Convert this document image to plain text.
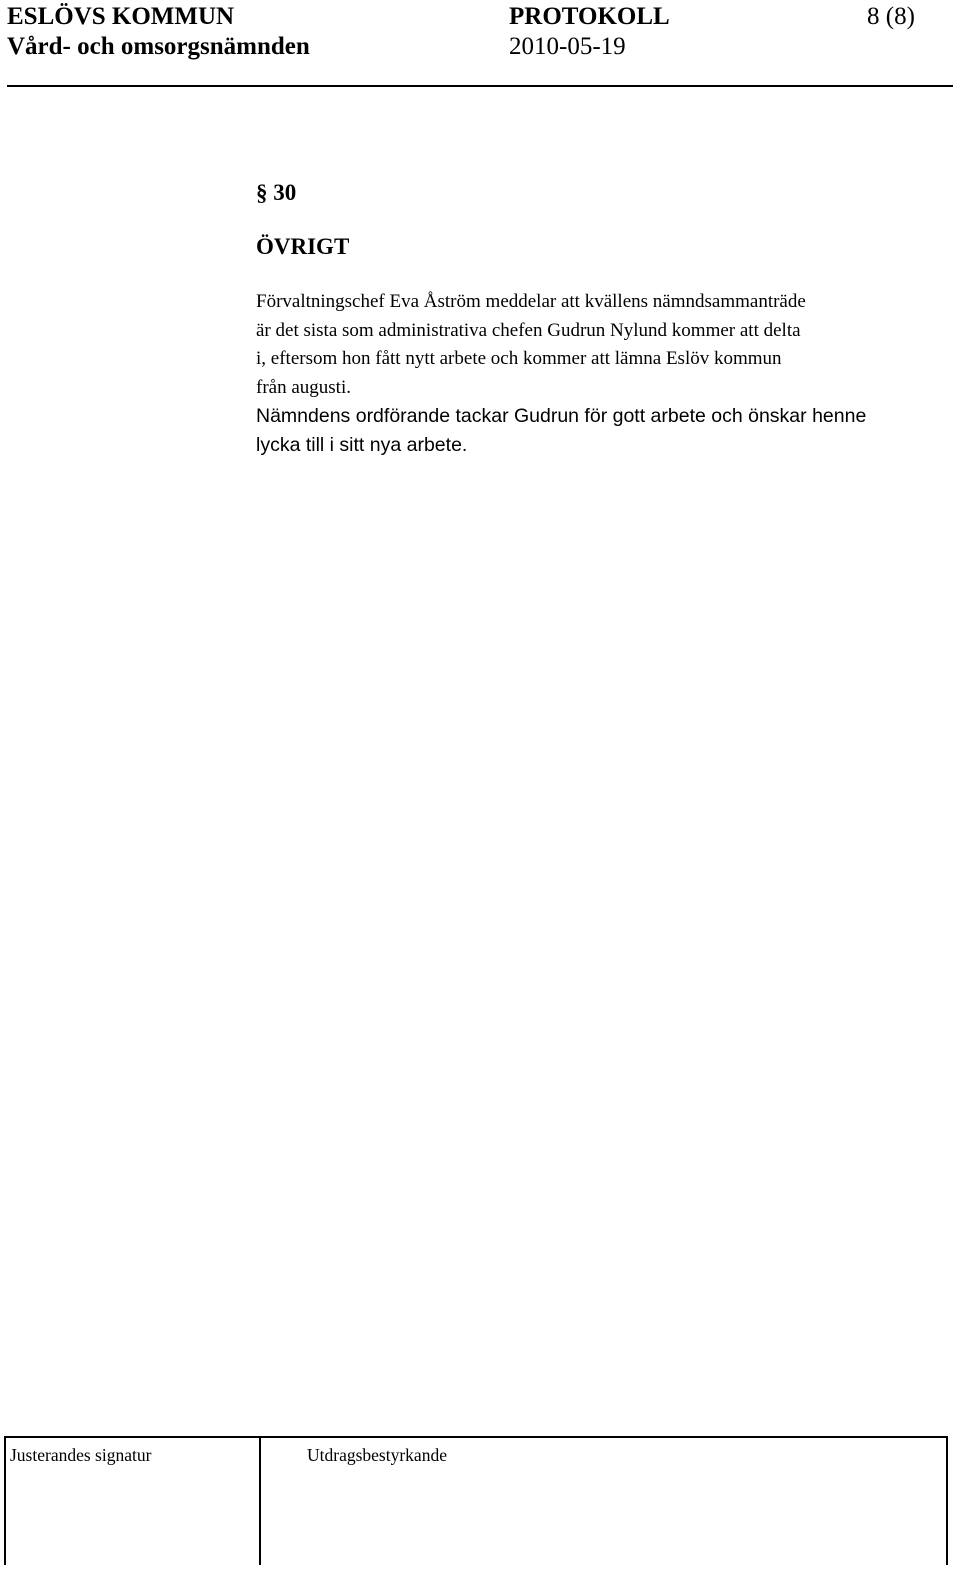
ESLÖVS KOMMUN	PROTOKOLL	8 (8)
Vård- och omsorgsnämnden	2010-05-19
§ 30
ÖVRIGT
Förvaltningschef Eva Åström meddelar att kvällens nämndsammanträde
är det sista som administrativa chefen Gudrun Nylund kommer att delta
i, eftersom hon fått nytt arbete och kommer att lämna Eslöv kommun
från augusti.
Nämndens ordförande tackar Gudrun för gott arbete och önskar henne
lycka till i sitt nya arbete.
Justerandes signatur	Utdragsbestyrkande
